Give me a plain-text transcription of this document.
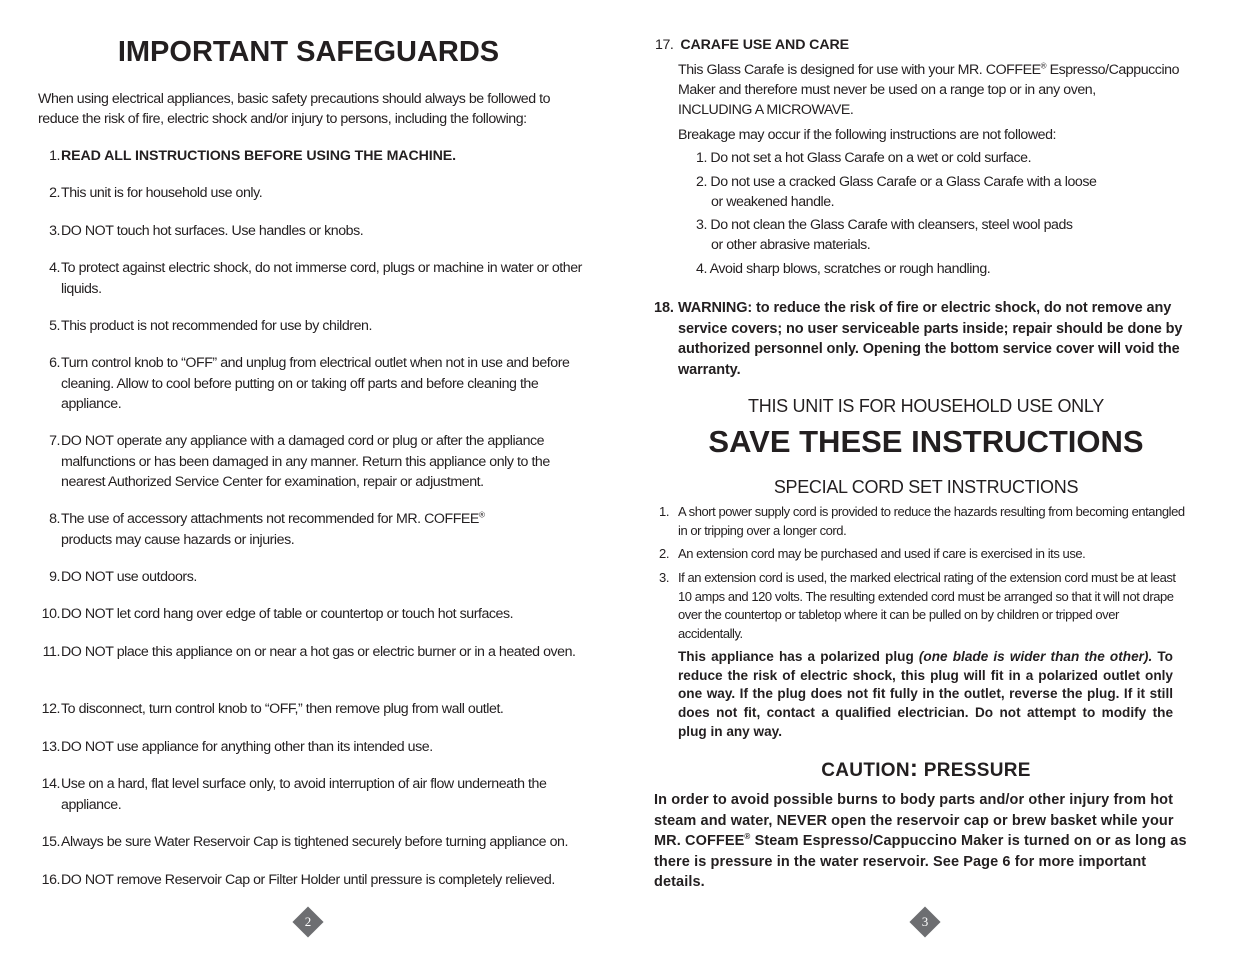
IMPORTANT SAFEGUARDS

When using electrical appliances, basic safety precautions should always be followed to reduce the risk of fire, electric shock and/or injury to persons, including the following:

1. READ ALL INSTRUCTIONS BEFORE USING THE MACHINE.
2. This unit is for household use only.
3. DO NOT touch hot surfaces. Use handles or knobs.
4. To protect against electric shock, do not immerse cord, plugs or machine in water or other liquids.
5. This product is not recommended for use by children.
6. Turn control knob to “OFF” and unplug from electrical outlet when not in use and before cleaning. Allow to cool before putting on or taking off parts and before cleaning the appliance.
7. DO NOT operate any appliance with a damaged cord or plug or after the appliance malfunctions or has been damaged in any manner. Return this appliance only to the nearest Authorized Service Center for examination, repair or adjustment.
8. The use of accessory attachments not recommended for MR. COFFEE®
products may cause hazards or injuries.
9. DO NOT use outdoors.
10. DO NOT let cord hang over edge of table or countertop or touch hot surfaces.
11. DO NOT place this appliance on or near a hot gas or electric burner or in a heated oven.
12. To disconnect, turn control knob to “OFF,” then remove plug from wall outlet.
13. DO NOT use appliance for anything other than its intended use.
14. Use on a hard, flat level surface only, to avoid interruption of air flow underneath the appliance.
15. Always be sure Water Reservoir Cap is tightened securely before turning appliance on.
16. DO NOT remove Reservoir Cap or Filter Holder until pressure is completely relieved.
2
17. CARAFE USE AND CARE
This Glass Carafe is designed for use with your MR. COFFEE® Espresso/Cappuccino Maker and therefore must never be used on a range top or in any oven,
INCLUDING A MICROWAVE.
Breakage may occur if the following instructions are not followed:
1. Do not set a hot Glass Carafe on a wet or cold surface.
2. Do not use a cracked Glass Carafe or a Glass Carafe with a loose
or weakened handle.
3. Do not clean the Glass Carafe with cleansers, steel wool pads
or other abrasive materials.
4. Avoid sharp blows, scratches or rough handling.
18. WARNING: to reduce the risk of fire or electric shock, do not remove any service covers; no user serviceable parts inside; repair should be done by authorized personnel only. Opening the bottom service cover will void the warranty.
THIS UNIT IS FOR HOUSEHOLD USE ONLY
SAVE THESE INSTRUCTIONS
SPECIAL CORD SET INSTRUCTIONS
1. A short power supply cord is provided to reduce the hazards resulting from becoming entangled in or tripping over a longer cord.
2. An extension cord may be purchased and used if care is exercised in its use.
3. If an extension cord is used, the marked electrical rating of the extension cord must be at least 10 amps and 120 volts. The resulting extended cord must be arranged so that it will not drape over the countertop or tabletop where it can be pulled on by children or tripped over accidentally.
This appliance has a polarized plug (one blade is wider than the other). To reduce the risk of electric shock, this plug will fit in a polarized outlet only one way. If the plug does not fit fully in the outlet, reverse the plug. If it still does not fit, contact a qualified electrician. Do not attempt to modify the plug in any way.
CAUTION: PRESSURE
In order to avoid possible burns to body parts and/or other injury from hot steam and water, NEVER open the reservoir cap or brew basket while your MR. COFFEE® Steam Espresso/Cappuccino Maker is turned on or as long as there is pressure in the water reservoir. See Page 6 for more important details.
3
